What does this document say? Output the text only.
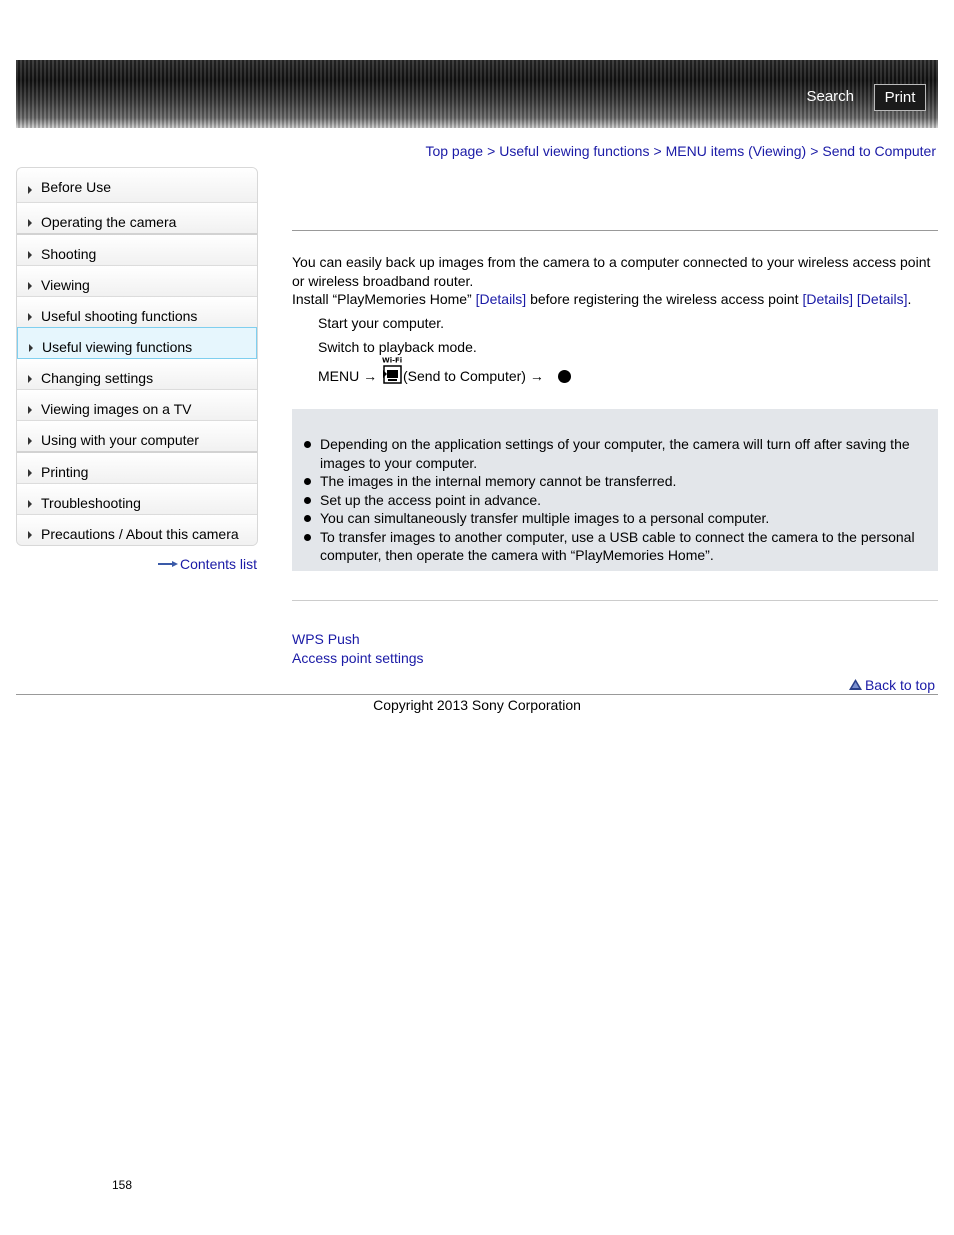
Search	Print
Top page > Useful viewing functions > MENU items (Viewing) > Send to Computer
Before Use
Operating the camera
Shooting
Viewing
Useful shooting functions
Useful viewing functions
Changing settings
Viewing images on a TV
Using with your computer
Printing
Troubleshooting
Precautions / About this camera
Contents list
You can easily back up images from the camera to a computer connected to your wireless access point or wireless broadband router.
Install “PlayMemories Home” [Details] before registering the wireless access point [Details] [Details].
Start your computer.
Switch to playback mode.
MENU →
Wi-Fi
(Send to Computer) →
Depending on the application settings of your computer, the camera will turn off after saving the images to your computer.
The images in the internal memory cannot be transferred.
Set up the access point in advance.
You can simultaneously transfer multiple images to a personal computer.
To transfer images to another computer, use a USB cable to connect the camera to the personal computer, then operate the camera with “PlayMemories Home”.
WPS Push
Access point settings
Back to top
Copyright 2013 Sony Corporation
158
